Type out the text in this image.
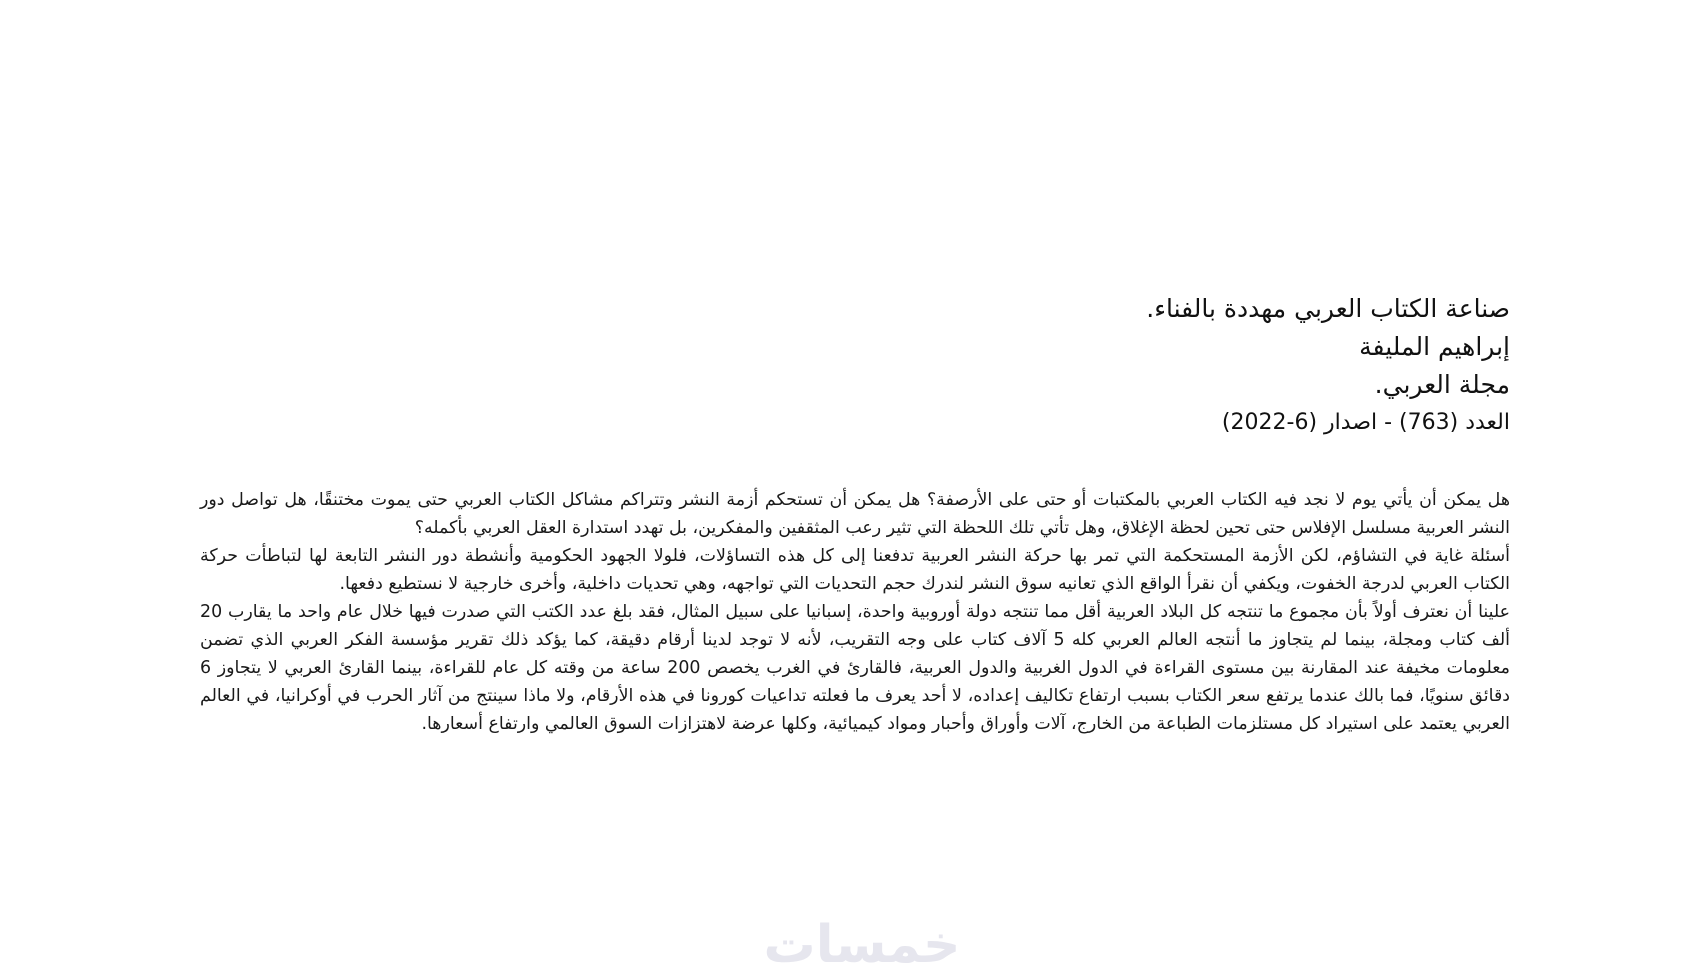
صناعة الكتاب العربي مهددة بالفناء.
إبراهيم المليفة
مجلة العربي.
العدد (763) - اصدار (6-2022)

هل يمكن أن يأتي يوم لا نجد فيه الكتاب العربي بالمكتبات أو حتى على الأرصفة؟ هل يمكن أن تستحكم أزمة النشر وتتراكم مشاكل الكتاب العربي حتى يموت مختنقًا، هل تواصل دور النشر العربية مسلسل الإفلاس حتى تحين لحظة الإغلاق، وهل تأتي تلك اللحظة التي تثير رعب المثقفين والمفكرين، بل تهدد استدارة العقل العربي بأكمله؟

أسئلة غاية في التشاؤم، لكن الأزمة المستحكمة التي تمر بها حركة النشر العربية تدفعنا إلى كل هذه التساؤلات، فلولا الجهود الحكومية وأنشطة دور النشر التابعة لها لتباطأت حركة الكتاب العربي لدرجة الخفوت، ويكفي أن نقرأ الواقع الذي تعانيه سوق النشر لندرك حجم التحديات التي تواجهه، وهي تحديات داخلية، وأخرى خارجية لا نستطيع دفعها.

علينا أن نعترف أولاً بأن مجموع ما تنتجه كل البلاد العربية أقل مما تنتجه دولة أوروبية واحدة، إسبانيا على سبيل المثال، فقد بلغ عدد الكتب التي صدرت فيها خلال عام واحد ما يقارب 20 ألف كتاب ومجلة، بينما لم يتجاوز ما أنتجه العالم العربي كله 5 آلاف كتاب على وجه التقريب، لأنه لا توجد لدينا أرقام دقيقة، كما يؤكد ذلك تقرير مؤسسة الفكر العربي الذي تضمن معلومات مخيفة عند المقارنة بين مستوى القراءة في الدول الغربية والدول العربية، فالقارئ في الغرب يخصص 200 ساعة من وقته كل عام للقراءة، بينما القارئ العربي لا يتجاوز 6 دقائق سنويًا، فما بالك عندما يرتفع سعر الكتاب بسبب ارتفاع تكاليف إعداده، لا أحد يعرف ما فعلته تداعيات كورونا في هذه الأرقام، ولا ماذا سينتج من آثار الحرب في أوكرانيا، في العالم العربي يعتمد على استيراد كل مستلزمات الطباعة من الخارج، آلات وأوراق وأحبار ومواد كيميائية، وكلها عرضة لاهتزازات السوق العالمي وارتفاع أسعارها.

خمسات
